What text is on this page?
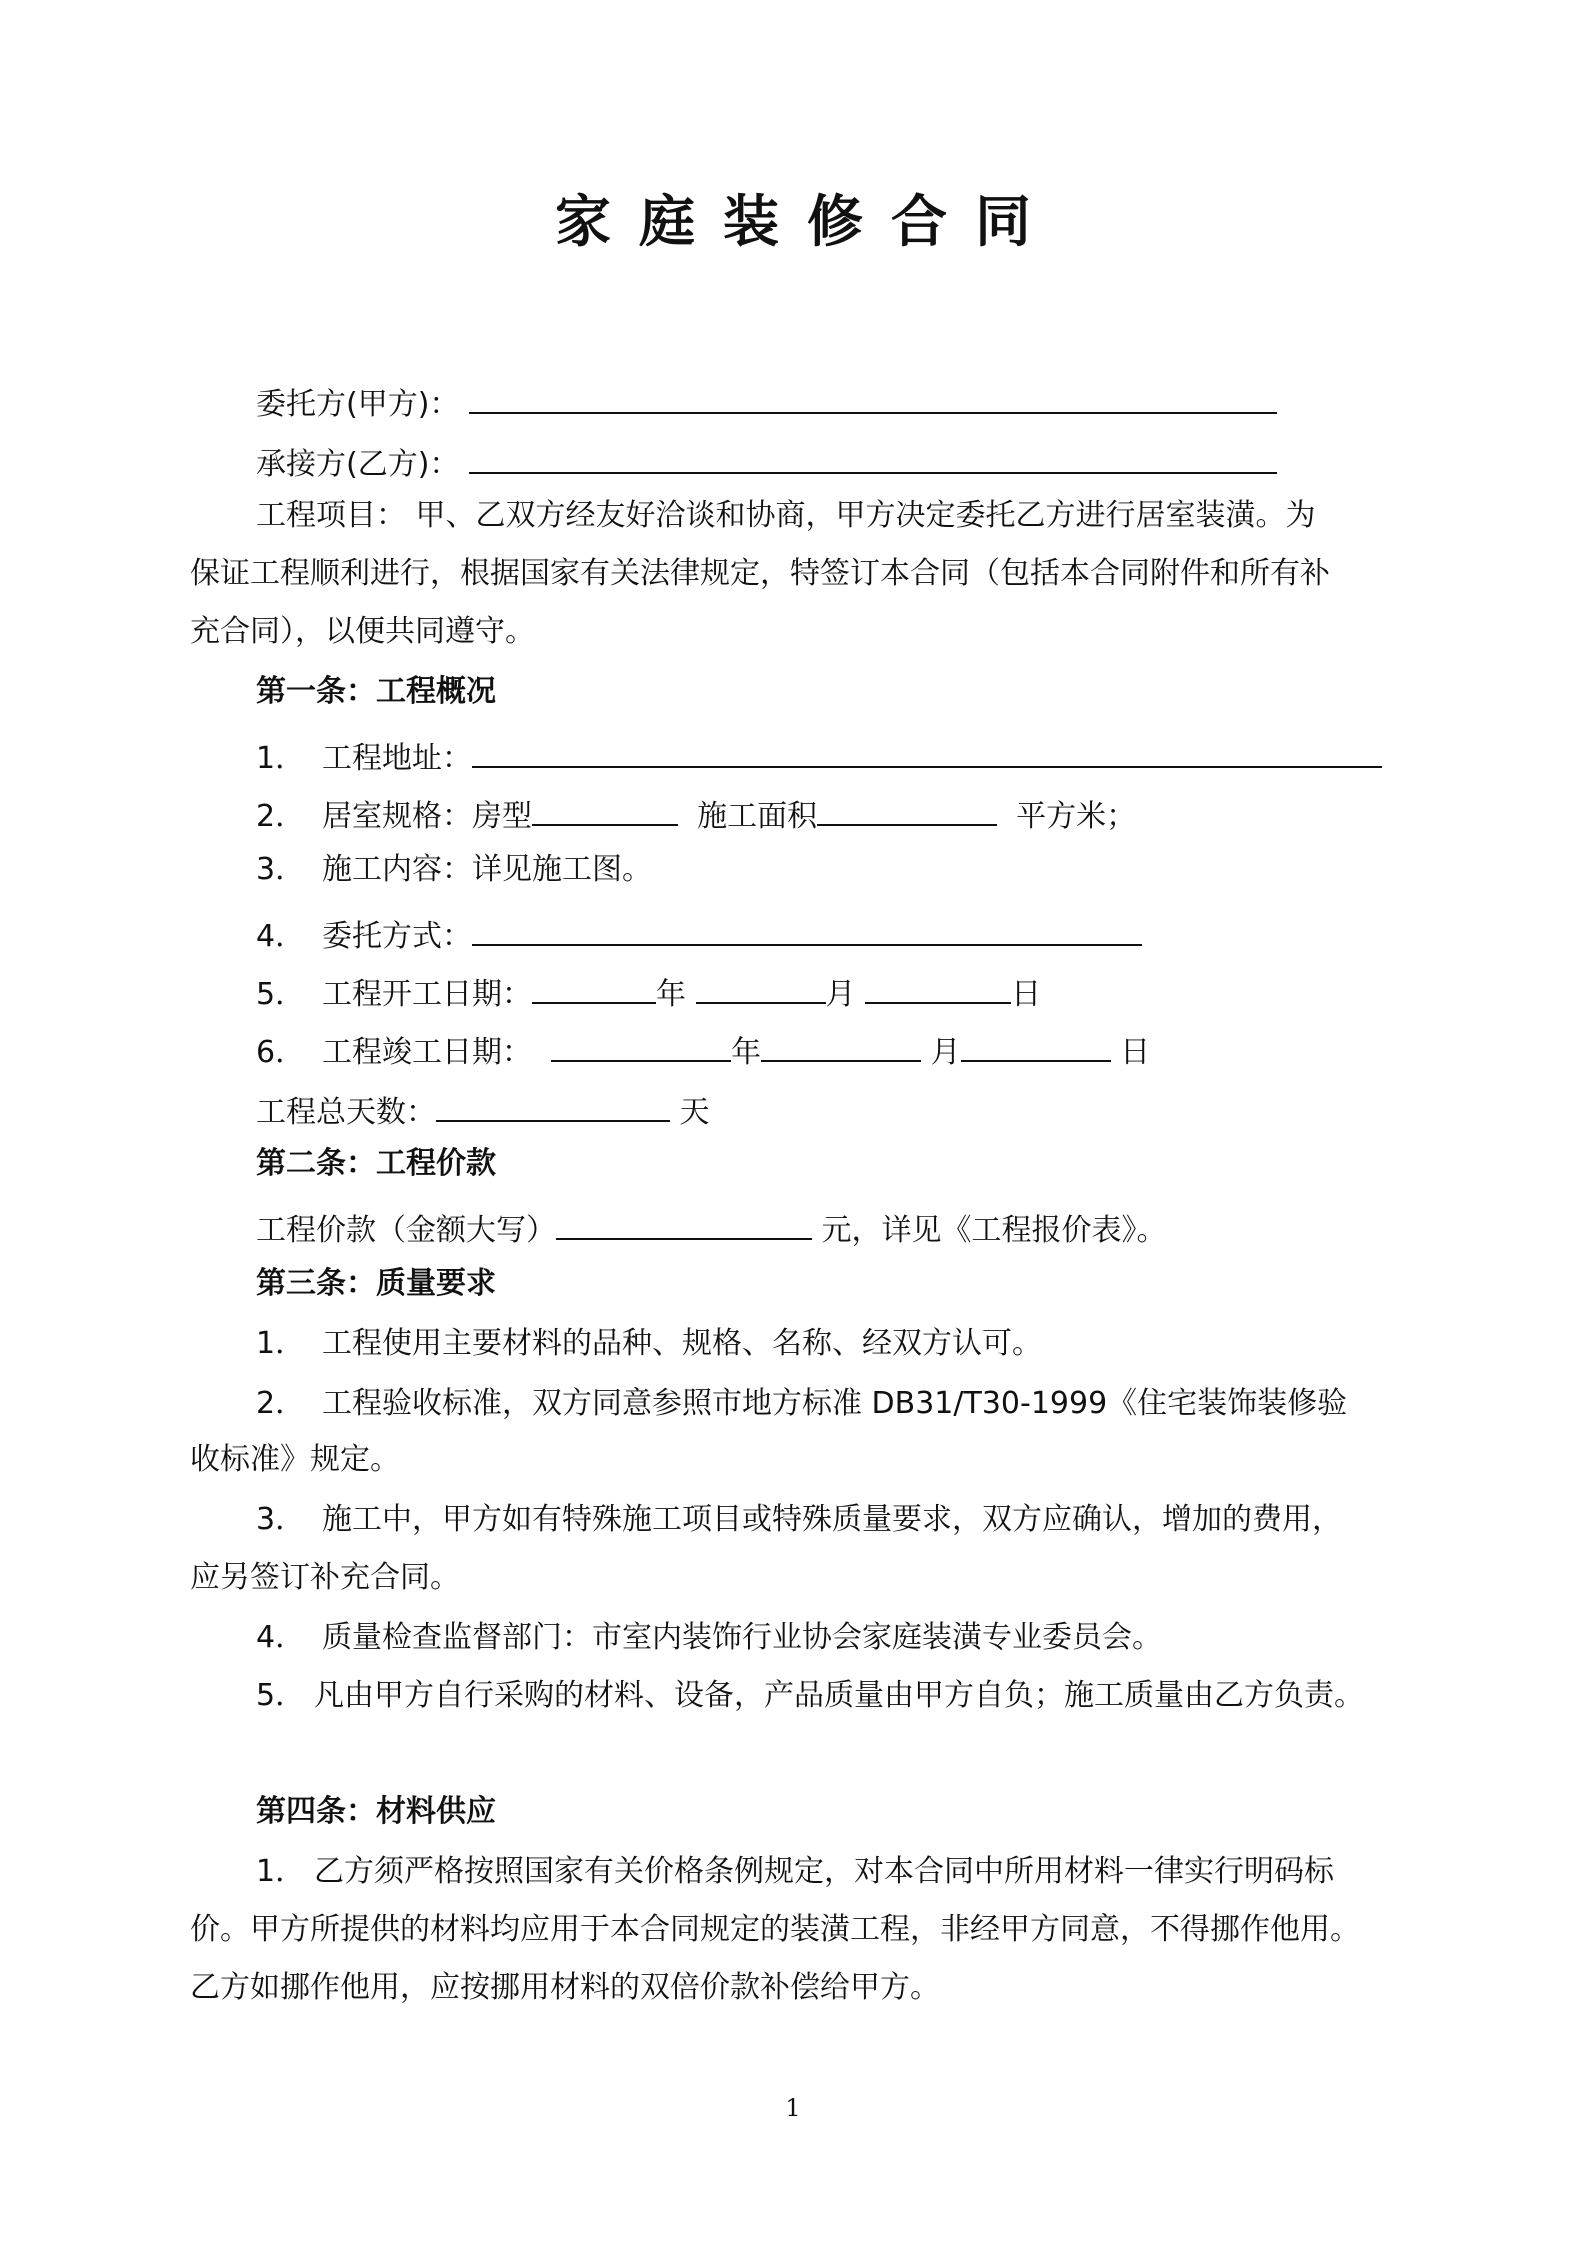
家庭装修合同
委托方(甲方)：
承接方(乙方)：
工程项目： 甲、乙双方经友好洽谈和协商，甲方决定委托乙方进行居室装潢。为
保证工程顺利进行，根据国家有关法律规定，特签订本合同（包括本合同附件和所有补
充合同），以便共同遵守。
第一条：工程概况
1． 工程地址：
2． 居室规格：房型	施工面积	平方米；
3． 施工内容：详见施工图。
4． 委托方式：
5． 工程开工日期：	年	月	日
6． 工程竣工日期：	年	月	日
工程总天数：	天
第二条：工程价款
工程价款（金额大写）	元，详见《工程报价表》。
第三条：质量要求
1． 工程使用主要材料的品种、规格、名称、经双方认可。
2． 工程验收标准，双方同意参照市地方标准 DB31/T30-1999《住宅装饰装修验
收标准》规定。
3． 施工中，甲方如有特殊施工项目或特殊质量要求，双方应确认，增加的费用，
应另签订补充合同。
4． 质量检查监督部门：市室内装饰行业协会家庭装潢专业委员会。
5． 凡由甲方自行采购的材料、设备，产品质量由甲方自负；施工质量由乙方负责。
第四条：材料供应
1． 乙方须严格按照国家有关价格条例规定，对本合同中所用材料一律实行明码标
价。甲方所提供的材料均应用于本合同规定的装潢工程，非经甲方同意，不得挪作他用。
乙方如挪作他用，应按挪用材料的双倍价款补偿给甲方。
1
